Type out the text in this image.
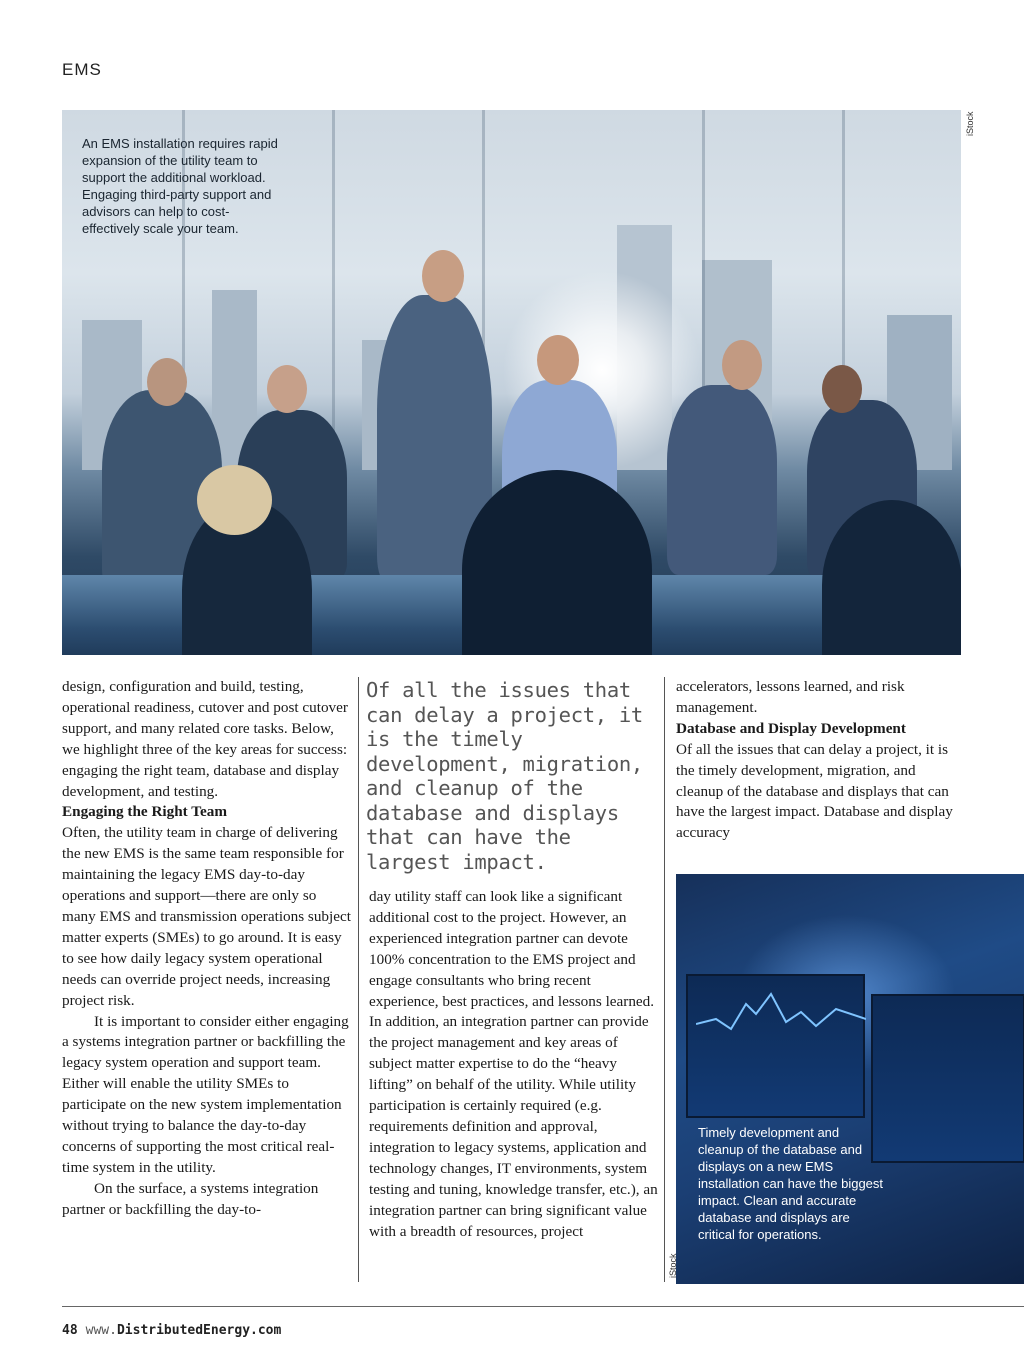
EMS
An EMS installation requires rapid expansion of the utility team to support the additional workload. Engaging third-party support and advisors can help to cost-effectively scale your team.
iStock

design, configuration and build, testing, operational readiness, cutover and post cutover support, and many related core tasks. Below, we highlight three of the key areas for success: engaging the right team, database and display development, and testing.

Engaging the Right Team

Often, the utility team in charge of delivering the new EMS is the same team responsible for maintaining the legacy EMS day-to-day operations and support—there are only so many EMS and transmission operations subject matter experts (SMEs) to go around. It is easy to see how daily legacy system operational needs can override project needs, increasing project risk.

It is important to consider either engaging a systems integration partner or backfilling the legacy system operation and support team. Either will enable the utility SMEs to participate on the new system implementation without trying to balance the day-to-day concerns of supporting the most critical real-time system in the utility.

On the surface, a systems integration partner or backfilling the day-to-

Of all the issues that can delay a project, it is the timely development, migration, and cleanup of the database and displays that can have the largest impact.

day utility staff can look like a significant additional cost to the project. However, an experienced integration partner can devote 100% concentration to the EMS project and engage consultants who bring recent experience, best practices, and lessons learned. In addition, an integration partner can provide the project management and key areas of subject matter expertise to do the “heavy lifting” on behalf of the utility. While utility participation is certainly required (e.g. requirements definition and approval, integration to legacy systems, application and technology changes, IT environments, system testing and tuning, knowledge transfer, etc.), an integration partner can bring significant value with a breadth of resources, project

accelerators, lessons learned, and risk management.

Database and Display Development

Of all the issues that can delay a project, it is the timely development, migration, and cleanup of the database and displays that can have the largest impact. Database and display accuracy

Timely development and cleanup of the database and displays on a new EMS installation can have the biggest impact. Clean and accurate database and displays are critical for operations.
iStock
48 www.DistributedEnergy.com
